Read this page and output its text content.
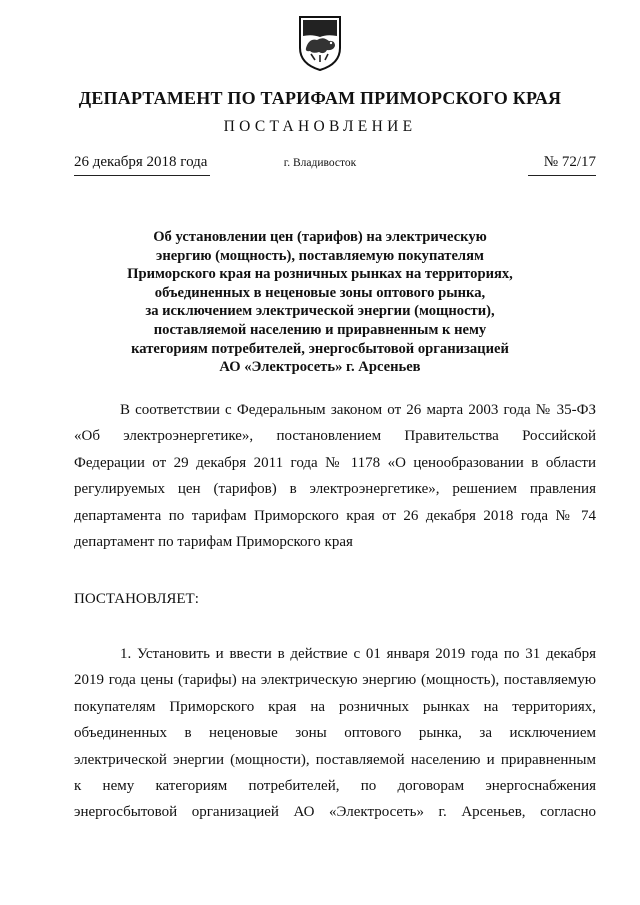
ДЕПАРТАМЕНТ ПО ТАРИФАМ ПРИМОРСКОГО КРАЯ
ПОСТАНОВЛЕНИЕ
26 декабря 2018 года	г. Владивосток	№ 72/17
Об установлении цен (тарифов) на электрическую
энергию (мощность), поставляемую покупателям
Приморского края на розничных рынках на территориях,
объединенных в неценовые зоны оптового рынка,
за исключением электрической энергии (мощности),
поставляемой населению и приравненным к нему
категориям потребителей, энергосбытовой организацией
АО «Электросеть» г. Арсеньев
В соответствии с Федеральным законом от 26 марта 2003 года № 35-ФЗ
«Об электроэнергетике», постановлением Правительства Российской
Федерации от 29 декабря 2011 года № 1178 «О ценообразовании в области
регулируемых цен (тарифов) в электроэнергетике», решением правления
департамента по тарифам Приморского края от 26 декабря 2018 года № 74
департамент по тарифам Приморского края
ПОСТАНОВЛЯЕТ:
1. Установить и ввести в действие с 01 января 2019 года по 31 декабря
2019 года цены (тарифы) на электрическую энергию (мощность), поставляемую
покупателям Приморского края на розничных рынках на территориях,
объединенных в неценовые зоны оптового рынка, за исключением
электрической энергии (мощности), поставляемой населению и приравненным
к нему категориям потребителей, по договорам энергоснабжения
энергосбытовой организацией АО «Электросеть» г. Арсеньев, согласно
